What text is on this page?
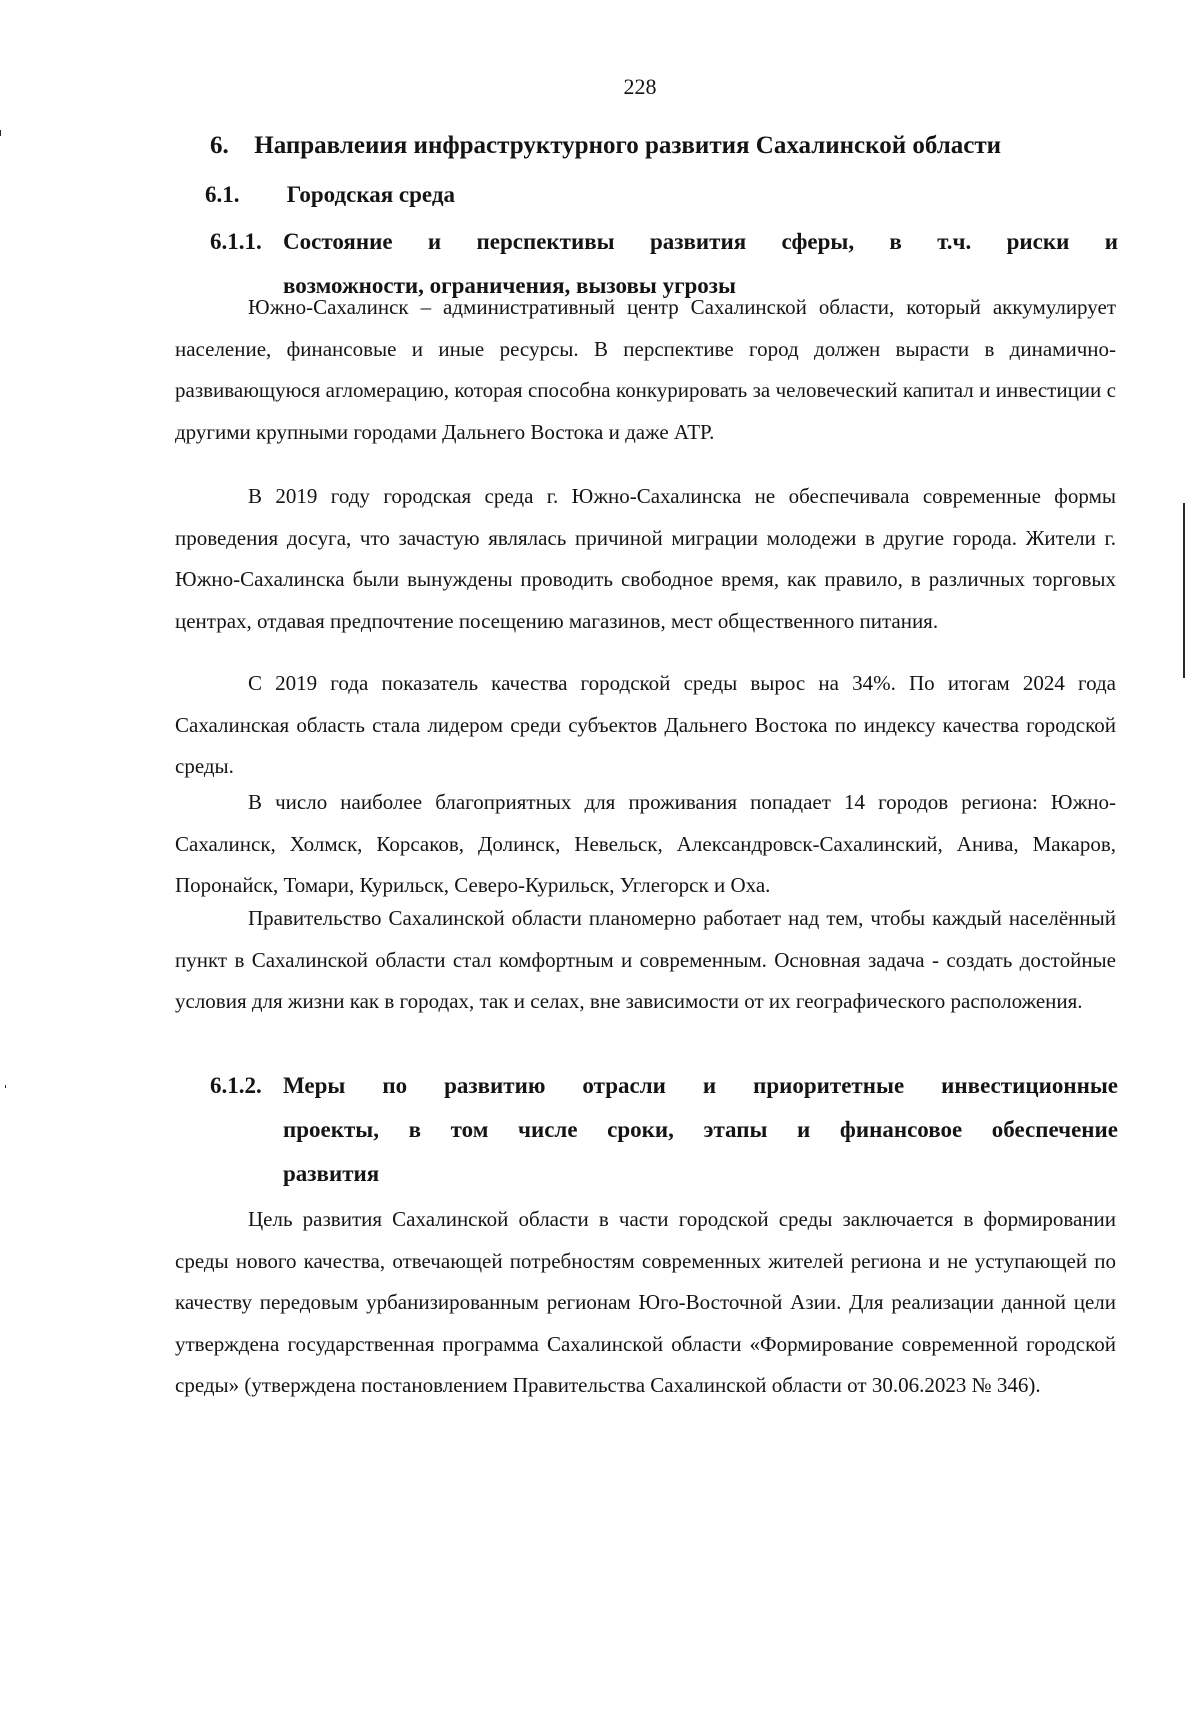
228
6. Направлеиия инфраструктурного развития Сахалинской области
6.1. Городская среда
6.1.1. Состояние и перспективы развития сферы, в т.ч. риски и
возможности, ограничения, вызовы угрозы
Южно-Сахалинск – административный центр Сахалинской области, который аккумулирует население, финансовые и иные ресурсы. В перспективе город должен вырасти в динамично-развивающуюся агломерацию, которая способна конкурировать за человеческий капитал и инвестиции с другими крупными городами Дальнего Востока и даже АТР.
В 2019 году городская среда г. Южно-Сахалинска не обеспечивала современные формы проведения досуга, что зачастую являлась причиной миграции молодежи в другие города. Жители г. Южно-Сахалинска были вынуждены проводить свободное время, как правило, в различных торговых центрах, отдавая предпочтение посещению магазинов, мест общественного питания.
С 2019 года показатель качества городской среды вырос на 34%. По итогам 2024 года Сахалинская область стала лидером среди субъектов Дальнего Востока по индексу качества городской среды.
В число наиболее благоприятных для проживания попадает 14 городов региона: Южно-Сахалинск, Холмск, Корсаков, Долинск, Невельск, Александровск-Сахалинский, Анива, Макаров, Поронайск, Томари, Курильск, Северо-Курильск, Углегорск и Оха.
Правительство Сахалинской области планомерно работает над тем, чтобы каждый населённый пункт в Сахалинской области стал комфортным и современным. Основная задача - создать достойные условия для жизни как в городах, так и селах, вне зависимости от их географического расположения.
6.1.2. Меры по развитию отрасли и приоритетные инвестиционные
проекты, в том числе сроки, этапы и финансовое обеспечение
развития
Цель развития Сахалинской области в части городской среды заключается в формировании среды нового качества, отвечающей потребностям современных жителей региона и не уступающей по качеству передовым урбанизированным регионам Юго-Восточной Азии. Для реализации данной цели утверждена государственная программа Сахалинской области «Формирование современной городской среды» (утверждена постановлением Правительства Сахалинской области от 30.06.2023 № 346).
